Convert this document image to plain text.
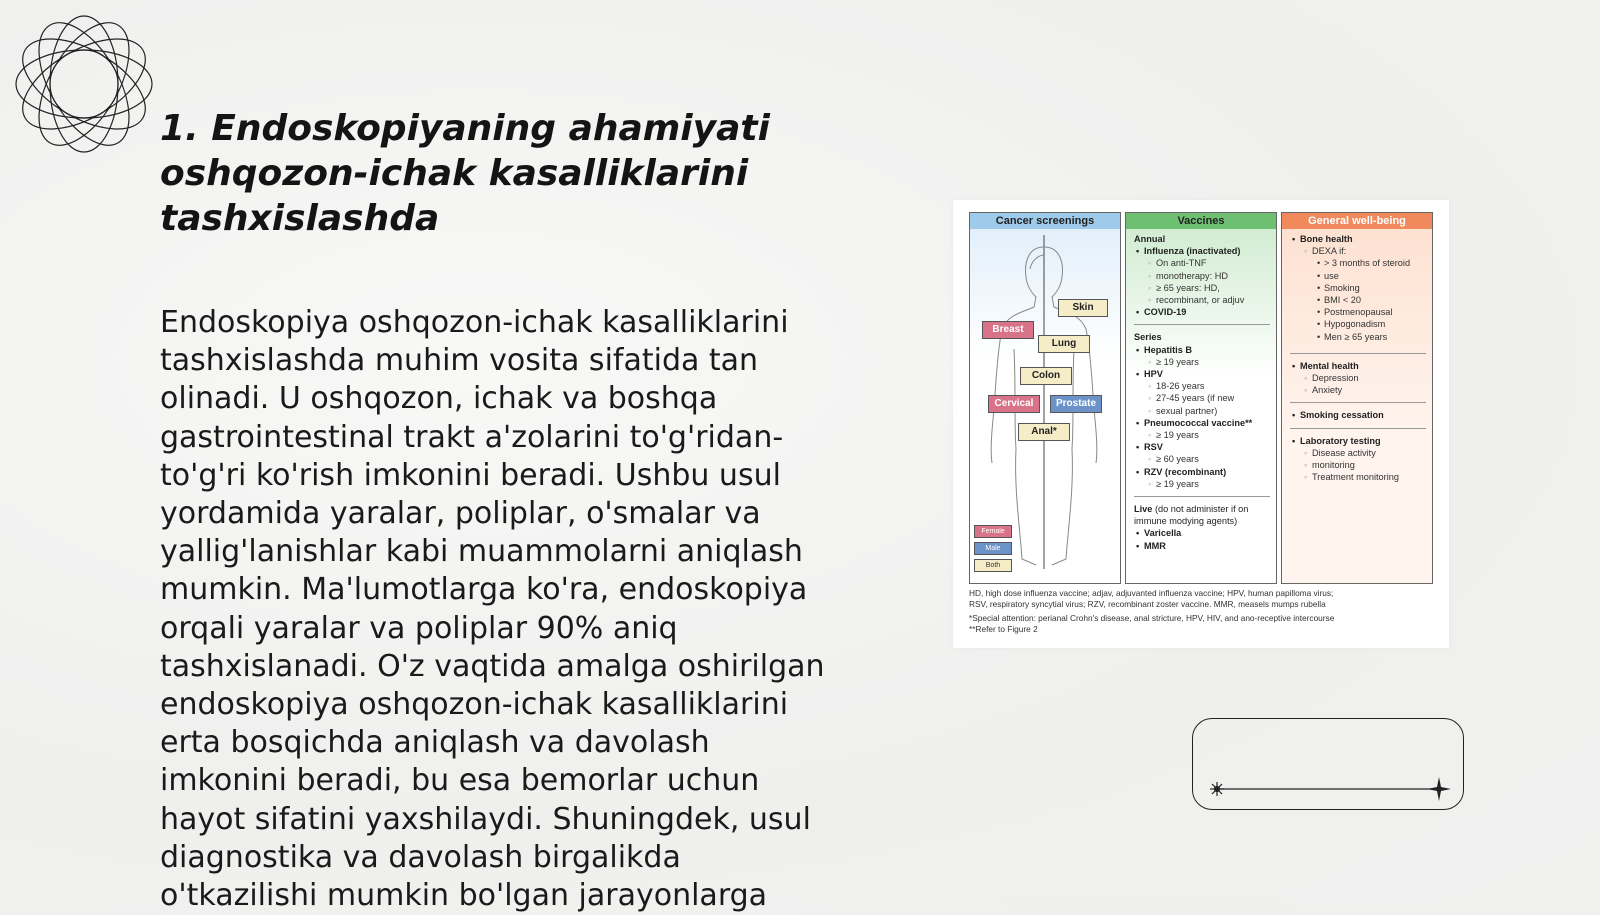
1. Endoskopiyaning ahamiyati oshqozon-ichak kasalliklarini tashxislashda

Endoskopiya oshqozon-ichak kasalliklarini tashxislashda muhim vosita sifatida tan olinadi. U oshqozon, ichak va boshqa gastrointestinal trakt a'zolarini to'g'ridan-to'g'ri ko'rish imkonini beradi. Ushbu usul yordamida yaralar, poliplar, o'smalar va yallig'lanishlar kabi muammolarni aniqlash mumkin. Ma'lumotlarga ko'ra, endoskopiya orqali yaralar va poliplar 90% aniq tashxislanadi. O'z vaqtida amalga oshirilgan endoskopiya oshqozon-ichak kasalliklarini erta bosqichda aniqlash va davolash imkonini beradi, bu esa bemorlar uchun hayot sifatini yaxshilaydi. Shuningdek, usul diagnostika va davolash birgalikda o'tkazilishi mumkin bo'lgan jarayonlarga

Cancer screenings
Skin
Breast
Lung
Colon
Cervical	Prostate
Anal*
Female
Male
Both
Vaccines
Annual
• Influenza (inactivated)
◦ On anti-TNF
◦ monotherapy: HD
◦ ≥ 65 years: HD,
◦ recombinant, or adjuv
• COVID-19
Series
• Hepatitis B
◦ ≥ 19 years
• HPV
◦ 18-26 years
◦ 27-45 years (if new
◦ sexual partner)
• Pneumococcal vaccine**
◦ ≥ 19 years
• RSV
◦ ≥ 60 years
• RZV (recombinant)
◦ ≥ 19 years
Live (do not administer if on
immune modying agents)
• Varicella
• MMR
General well-being
• Bone health
◦ DEXA if:
• > 3 months of steroid
• use
• Smoking
• BMI < 20
• Postmenopausal
• Hypogonadism
• Men ≥ 65 years
• Mental health
◦ Depression
◦ Anxiety
• Smoking cessation
• Laboratory testing
◦ Disease activity
◦ monitoring
◦ Treatment monitoring

HD, high dose influenza vaccine; adjav, adjuvanted influenza vaccine; HPV, human papilloma virus;

RSV, respiratory syncytial virus; RZV, recombinant zoster vaccine. MMR, measels mumps rubella

*Special attention: perianal Crohn's disease, anal stricture, HPV, HIV, and ano-receptive intercourse

**Refer to Figure 2
